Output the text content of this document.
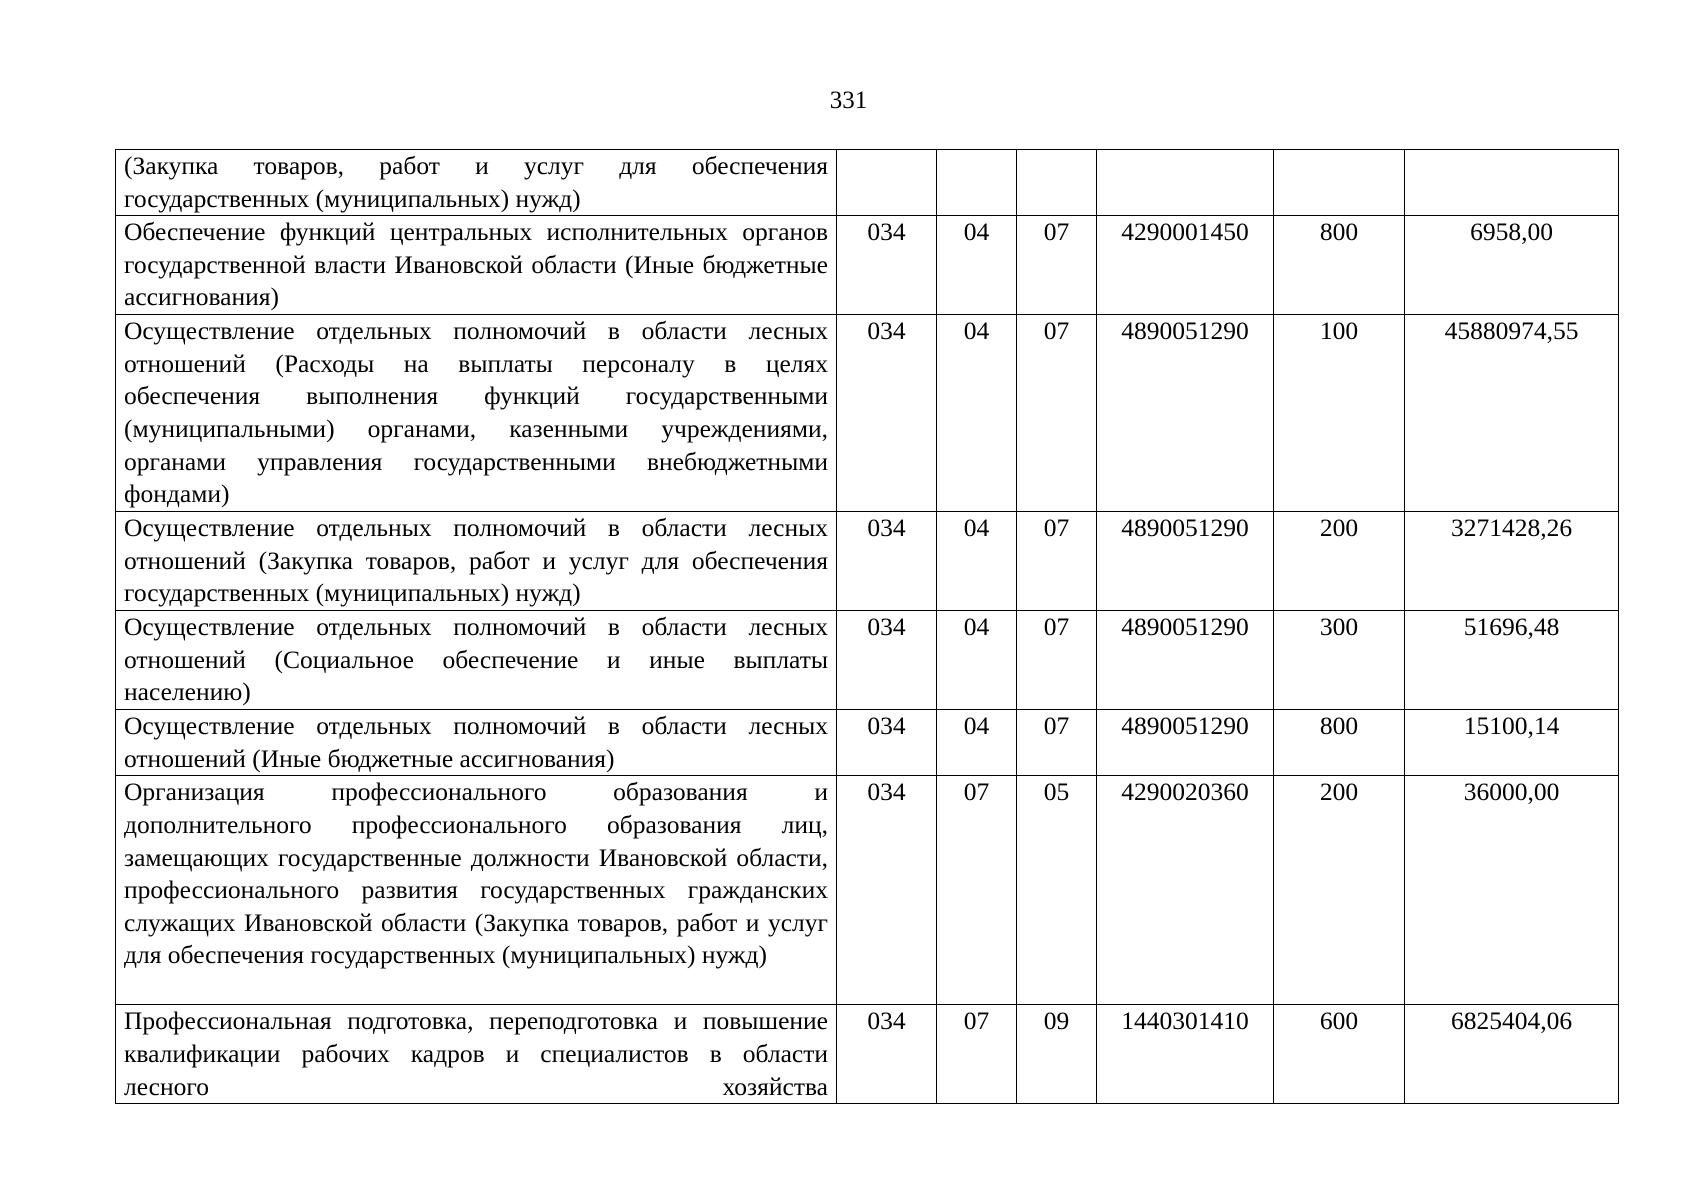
331
(Закупка товаров, работ и услуг для обеспечения государственных (муниципальных) нужд)						
Обеспечение функций центральных исполнительных органов государственной власти Ивановской области (Иные бюджетные ассигнования)	034	04	07	4290001450	800	6958,00
Осуществление отдельных полномочий в области лесных отношений (Расходы на выплаты персоналу в целях обеспечения выполнения функций государственными (муниципальными) органами, казенными учреждениями, органами управления государственными внебюджетными фондами)	034	04	07	4890051290	100	45880974,55
Осуществление отдельных полномочий в области лесных отношений (Закупка товаров, работ и услуг для обеспечения государственных (муниципальных) нужд)	034	04	07	4890051290	200	3271428,26
Осуществление отдельных полномочий в области лесных отношений (Социальное обеспечение и иные выплаты населению)	034	04	07	4890051290	300	51696,48
Осуществление отдельных полномочий в области лесных отношений (Иные бюджетные ассигнования)	034	04	07	4890051290	800	15100,14
Организация профессионального образования и дополнительного профессионального образования лиц, замещающих государственные должности Ивановской области, профессионального развития государственных гражданских служащих Ивановской области (Закупка товаров, работ и услуг для обеспечения государственных (муниципальных) нужд)	034	07	05	4290020360	200	36000,00
Профессиональная подготовка, переподготовка и повышение квалификации рабочих кадров и специалистов в области лесного хозяйства	034	07	09	1440301410	600	6825404,06
